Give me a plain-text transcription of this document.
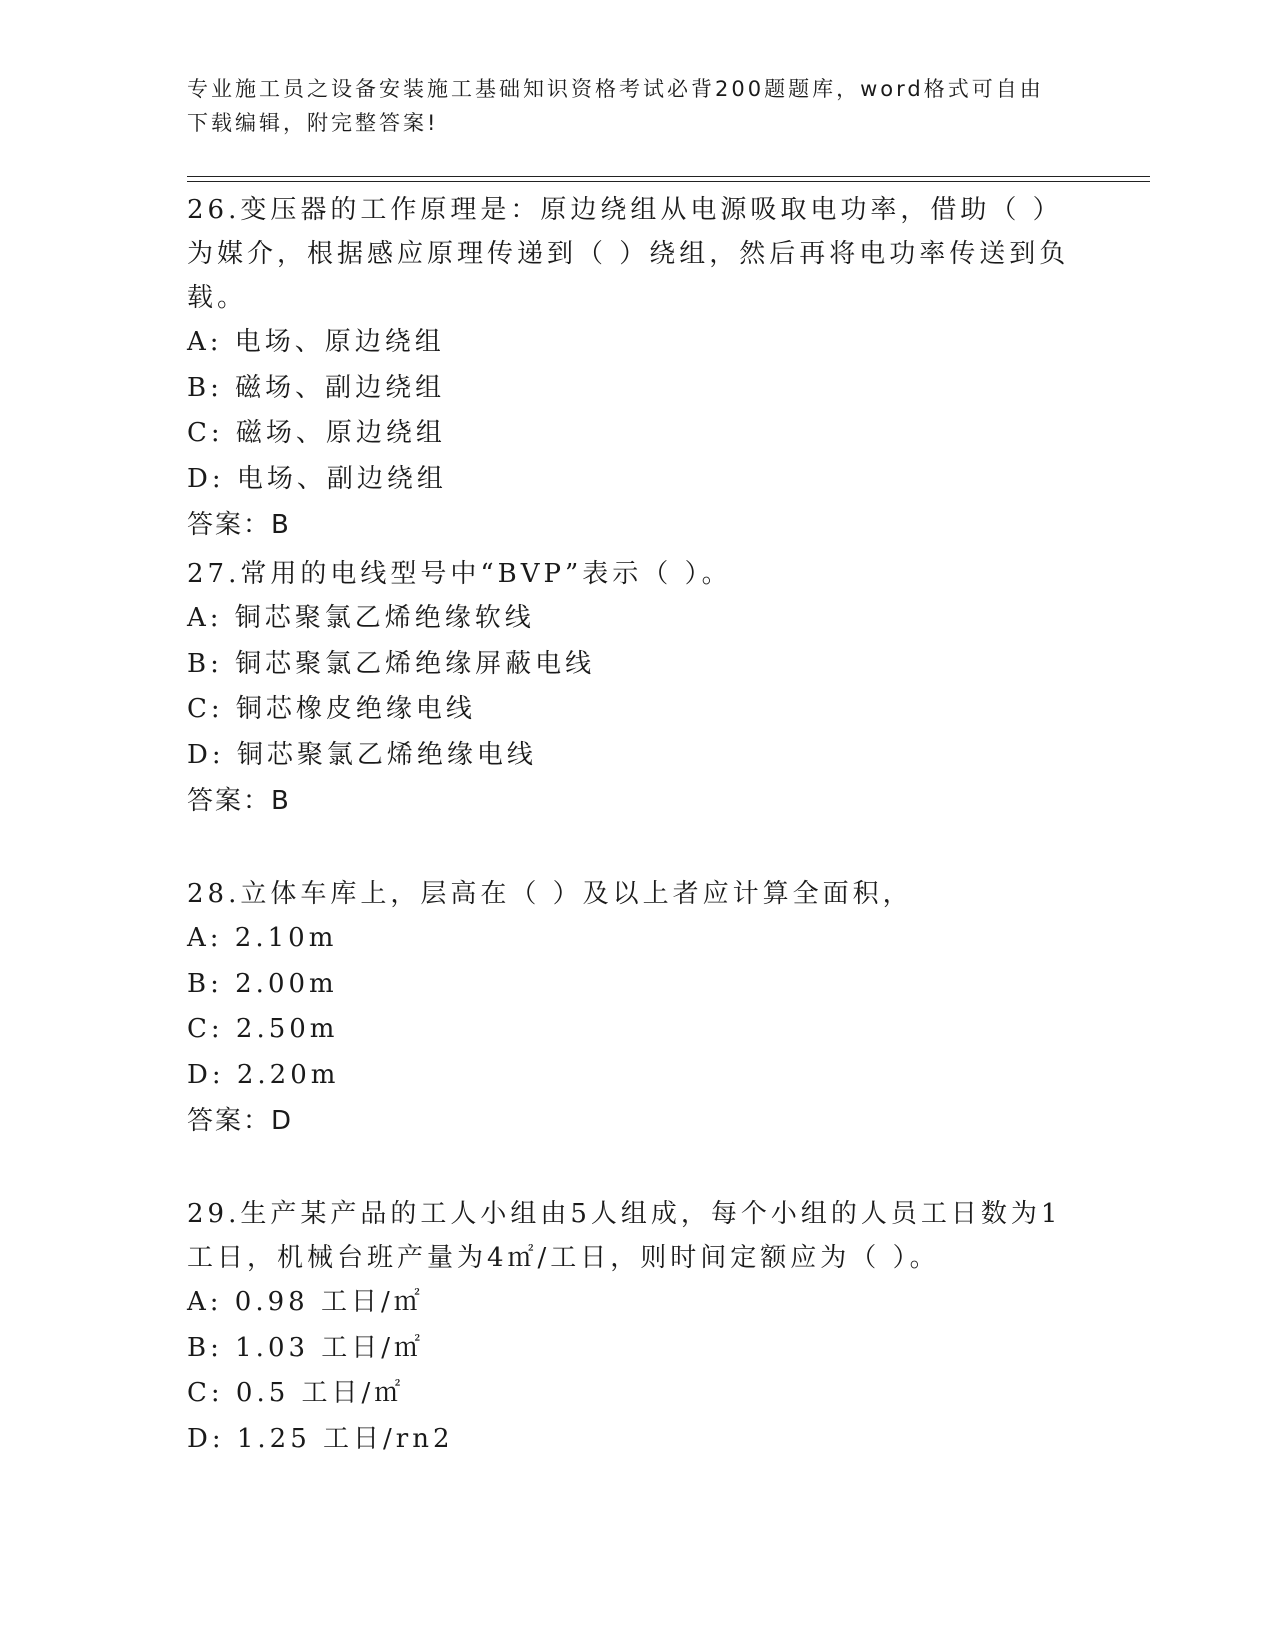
专业施工员之设备安装施工基础知识资格考试必背200题题库，word格式可自由下载编辑，附完整答案!
26.变压器的工作原理是：原边绕组从电源吸取电功率，借助（ ）为媒介，根据感应原理传递到（ ）绕组，然后再将电功率传送到负载。
A: 电场、原边绕组
B: 磁场、副边绕组
C: 磁场、原边绕组
D: 电场、副边绕组
答案：B
27.常用的电线型号中“BVP”表示（ ）。
A: 铜芯聚氯乙烯绝缘软线
B: 铜芯聚氯乙烯绝缘屏蔽电线
C: 铜芯橡皮绝缘电线
D: 铜芯聚氯乙烯绝缘电线
答案：B
28.立体车库上，层高在（ ）及以上者应计算全面积，
A: 2.10m
B: 2.00m
C: 2.50m
D: 2.20m
答案：D
29.生产某产品的工人小组由5人组成，每个小组的人员工日数为1工日，机械台班产量为4㎡/工日，则时间定额应为（ ）。
A: 0.98 工日/㎡
B: 1.03 工日/㎡
C: 0.5 工日/㎡
D: 1.25 工日/rn2
